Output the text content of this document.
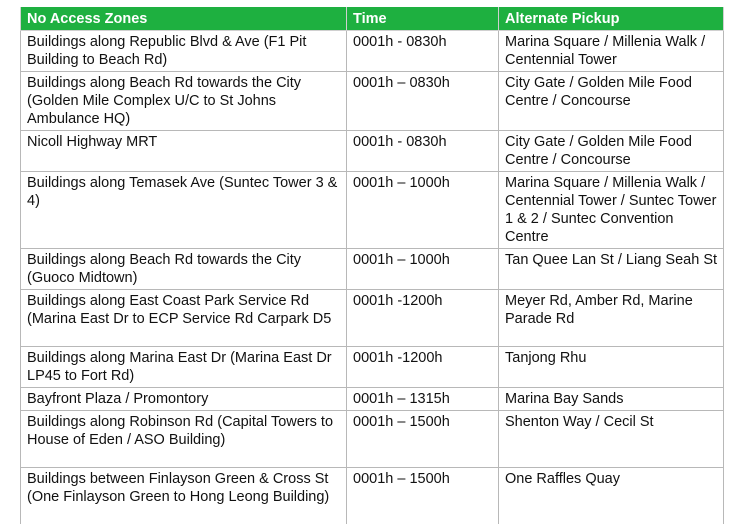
No Access Zones	Time	Alternate Pickup
Buildings along Republic Blvd & Ave (F1 Pit Building to Beach Rd)	0001h - 0830h	Marina Square / Millenia Walk / Centennial Tower
Buildings along Beach Rd towards the City (Golden Mile Complex U/C to St Johns Ambulance HQ)	0001h – 0830h	City Gate / Golden Mile Food Centre / Concourse
Nicoll Highway MRT	0001h - 0830h	City Gate / Golden Mile Food Centre / Concourse
Buildings along Temasek Ave (Suntec Tower 3 & 4)	0001h – 1000h	Marina Square / Millenia Walk / Centennial Tower / Suntec Tower 1 & 2 / Suntec Convention Centre
Buildings along Beach Rd towards the City (Guoco Midtown)	0001h – 1000h	Tan Quee Lan St / Liang Seah St
Buildings along East Coast Park Service Rd (Marina East Dr to ECP Service Rd Carpark D5	0001h -1200h	Meyer Rd, Amber Rd, Marine Parade Rd
Buildings along Marina East Dr (Marina East Dr LP45 to Fort Rd)	0001h -1200h	Tanjong Rhu
Bayfront Plaza / Promontory	0001h – 1315h	Marina Bay Sands
Buildings along Robinson Rd (Capital Towers to House of Eden / ASO Building)	0001h – 1500h	Shenton Way / Cecil St
Buildings between Finlayson Green & Cross St (One Finlayson Green to Hong Leong Building)	0001h – 1500h	One Raffles Quay
